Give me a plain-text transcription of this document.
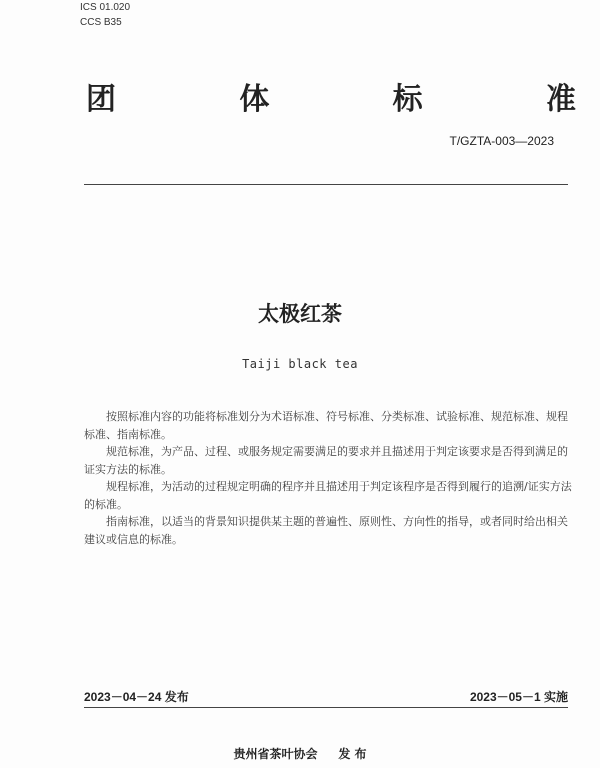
ICS 01.020
CCS B35
团	体	标	准
T/GZTA-003—2023
太极红茶
Taiji black tea

按照标准内容的功能将标准划分为术语标准、符号标准、分类标准、试验标准、规范标准、规程标准、指南标准。

规范标准，为产品、过程、或服务规定需要满足的要求并且描述用于判定该要求是否得到满足的证实方法的标准。

规程标准，为活动的过程规定明确的程序并且描述用于判定该程序是否得到履行的追溯/证实方法的标准。

指南标准，以适当的背景知识提供某主题的普遍性、原则性、方向性的指导，或者同时给出相关建议或信息的标准。

2023－04－24 发布	2023－05－1 实施
贵州省茶叶协会     发 布
